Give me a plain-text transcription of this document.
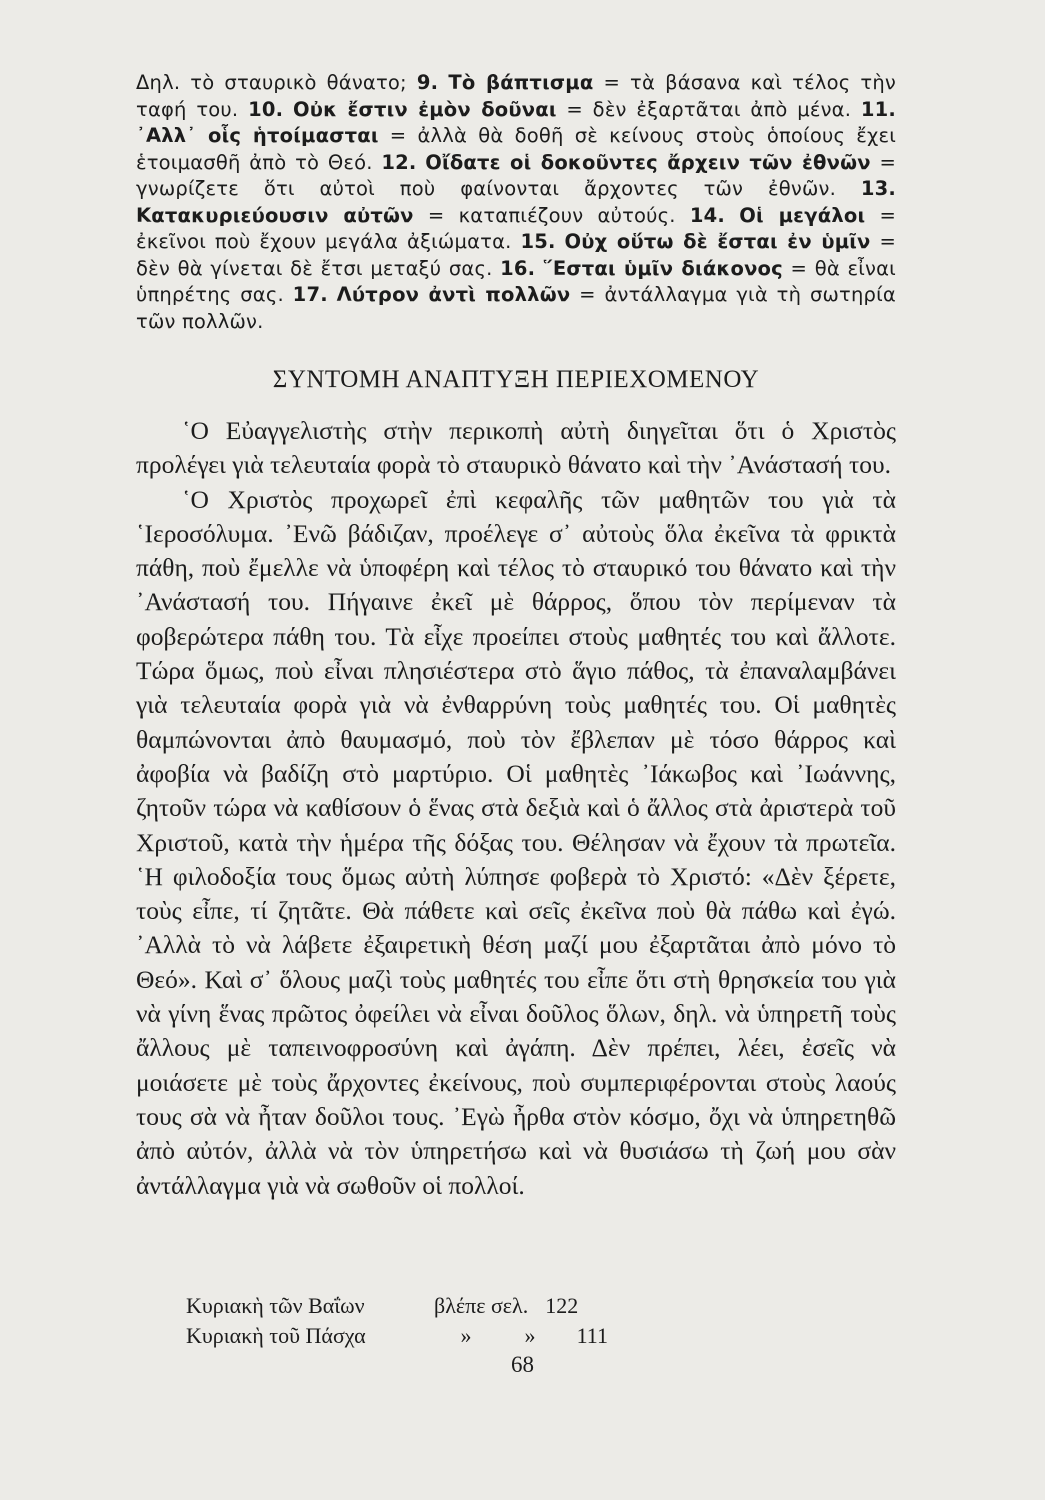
Δηλ. τὸ σταυρικὸ θάνατο; 9. Τὸ βάπτισμα = τὰ βάσανα καὶ τέλος τὴν ταφή του. 10. Οὐκ ἔστιν ἐμὸν δοῦναι = δὲν ἐξαρτᾶται ἀπὸ μένα. 11. ᾿Αλλ᾿ οἷς ἡτοίμασται = ἀλλὰ θὰ δοθῆ σὲ κείνους στοὺς ὁποίους ἔχει ἑτοιμασθῆ ἀπὸ τὸ Θεό. 12. Οἴδατε οἱ δοκοῦντες ἄρχειν τῶν ἐθνῶν = γνωρίζετε ὅτι αὐτοὶ ποὺ φαίνονται ἄρχοντες τῶν ἐθνῶν. 13. Κατακυριεύουσιν αὐτῶν = καταπιέζουν αὐτούς. 14. Οἱ μεγάλοι = ἐκεῖνοι ποὺ ἔχουν μεγάλα ἀξιώματα. 15. Οὐχ οὕτω δὲ ἔσται ἐν ὑμῖν = δὲν θὰ γίνεται δὲ ἔτσι μεταξύ σας. 16. ῞Εσται ὑμῖν διάκονος = θὰ εἶναι ὑπηρέτης σας. 17. Λύτρον ἀντὶ πολλῶν = ἀντάλλαγμα γιὰ τὴ σωτηρία τῶν πολλῶν.
ΣΥΝΤΟΜΗ ΑΝΑΠΤΥΞΗ ΠΕΡΙΕΧΟΜΕΝΟΥ

῾Ο Εὐαγγελιστὴς στὴν περικοπὴ αὐτὴ διηγεῖται ὅτι ὁ Χριστὸς προλέγει γιὰ τελευταία φορὰ τὸ σταυρικὸ θάνατο καὶ τὴν ᾿Ανάστασή του.

῾Ο Χριστὸς προχωρεῖ ἐπὶ κεφαλῆς τῶν μαθητῶν του γιὰ τὰ ῾Ιεροσόλυμα. ᾿Ενῶ βάδιζαν, προέλεγε σ᾿ αὐτοὺς ὅλα ἐκεῖνα τὰ φρικτὰ πάθη, ποὺ ἔμελλε νὰ ὑποφέρη καὶ τέλος τὸ σταυρικό του θάνατο καὶ τὴν ᾿Ανάστασή του. Πήγαινε ἐκεῖ μὲ θάρρος, ὅπου τὸν περίμεναν τὰ φοβερώτερα πάθη του. Τὰ εἶχε προείπει στοὺς μαθητές του καὶ ἄλλοτε. Τώρα ὅμως, ποὺ εἶναι πλησιέστερα στὸ ἅγιο πάθος, τὰ ἐπαναλαμβάνει γιὰ τελευταία φορὰ γιὰ νὰ ἐνθαρρύνη τοὺς μαθητές του. Οἱ μαθητὲς θαμπώνονται ἀπὸ θαυμασμό, ποὺ τὸν ἔβλεπαν μὲ τόσο θάρρος καὶ ἀφοβία νὰ βαδίζη στὸ μαρτύριο. Οἱ μαθητὲς ᾿Ιάκωβος καὶ ᾿Ιωάννης, ζητοῦν τώρα νὰ καθίσουν ὁ ἕνας στὰ δεξιὰ καὶ ὁ ἄλλος στὰ ἀριστερὰ τοῦ Χριστοῦ, κατὰ τὴν ἡμέρα τῆς δόξας του. Θέλησαν νὰ ἔχουν τὰ πρωτεῖα. ῾Η φιλοδοξία τους ὅμως αὐτὴ λύπησε φοβερὰ τὸ Χριστό: «Δὲν ξέρετε, τοὺς εἶπε, τί ζητᾶτε. Θὰ πάθετε καὶ σεῖς ἐκεῖνα ποὺ θὰ πάθω καὶ ἐγώ. ᾿Αλλὰ τὸ νὰ λάβετε ἐξαιρετικὴ θέση μαζί μου ἐξαρτᾶται ἀπὸ μόνο τὸ Θεό». Καὶ σ᾿ ὅλους μαζὶ τοὺς μαθητές του εἶπε ὅτι στὴ θρησκεία του γιὰ νὰ γίνη ἕνας πρῶτος ὀφείλει νὰ εἶναι δοῦλος ὅλων, δηλ. νὰ ὑπηρετῆ τοὺς ἄλλους μὲ ταπεινοφροσύνη καὶ ἀγάπη. Δὲν πρέπει, λέει, ἐσεῖς νὰ μοιάσετε μὲ τοὺς ἄρχοντες ἐκείνους, ποὺ συμπεριφέρονται στοὺς λαούς τους σὰ νὰ ἦταν δοῦλοι τους. ᾿Εγὼ ἦρθα στὸν κόσμο, ὄχι νὰ ὑπηρετηθῶ ἀπὸ αὐτόν, ἀλλὰ νὰ τὸν ὑπηρετήσω καὶ νὰ θυσιάσω τὴ ζωή μου σὰν ἀντάλλαγμα γιὰ νὰ σωθοῦν οἱ πολλοί.

Κυριακὴ τῶν Βαΐων	βλέπε σελ. 122
Κυριακὴ τοῦ Πάσχα	»	»	111
68
